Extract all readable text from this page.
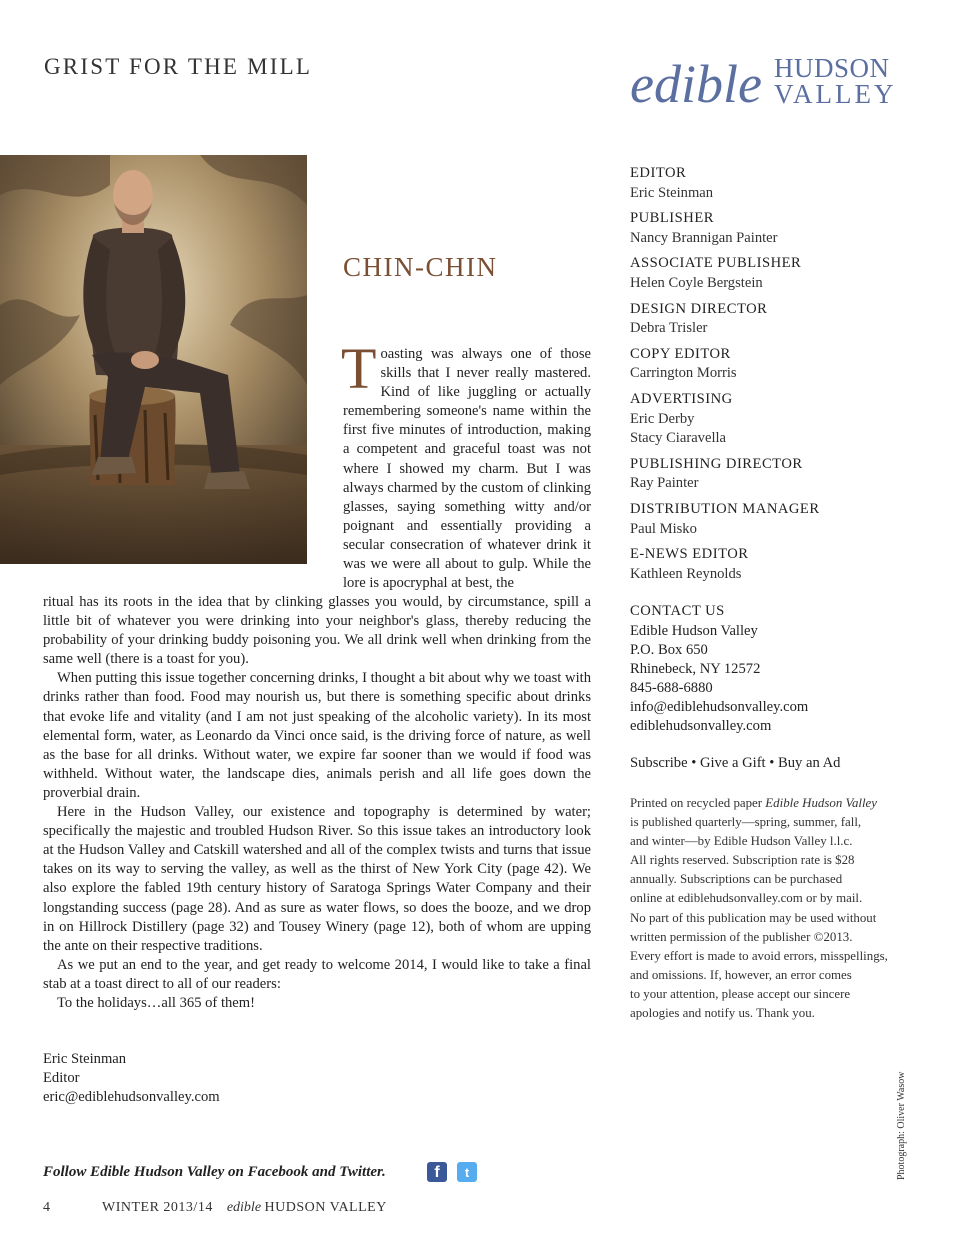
GRIST FOR THE MILL	edible HUDSON
VALLEY
CHIN-CHIN

Toasting was always one of those skills that I never really mastered. Kind of like juggling or actually remembering someone's name within the first five minutes of introduction, making a competent and graceful toast was not where I showed my charm. But I was always charmed by the custom of clinking glasses, saying something witty and/or poignant and essentially providing a secular consecration of whatever drink it was we were all about to gulp. While the lore is apocryphal at best, the

ritual has its roots in the idea that by clinking glasses you would, by circumstance, spill a little bit of whatever you were drinking into your neighbor's glass, thereby reducing the probability of your drinking buddy poisoning you. We all drink well when drinking from the same well (there is a toast for you).

When putting this issue together concerning drinks, I thought a bit about why we toast with drinks rather than food. Food may nourish us, but there is something specific about drinks that evoke life and vitality (and I am not just speaking of the alcoholic variety). In its most elemental form, water, as Leonardo da Vinci once said, is the driving force of nature, as well as the base for all drinks. Without water, we expire far sooner than we would if food was withheld. Without water, the landscape dies, animals perish and all life goes down the proverbial drain.

Here in the Hudson Valley, our existence and topography is determined by water; specifically the majestic and troubled Hudson River. So this issue takes an introductory look at the Hudson Valley and Catskill watershed and all of the complex twists and turns that issue takes on its way to serving the valley, as well as the thirst of New York City (page 42). We also explore the fabled 19th century history of Saratoga Springs Water Company and their longstanding success (page 28). And as sure as water flows, so does the booze, and we drop in on Hillrock Distillery (page 32) and Tousey Winery (page 12), both of whom are upping the ante on their respective traditions.

As we put an end to the year, and get ready to welcome 2014, I would like to take a final stab at a toast direct to all of our readers:

To the holidays…all 365 of them!

Eric Steinman
Editor
eric@ediblehudsonvalley.com
Follow Edible Hudson Valley on Facebook and Twitter.	f	t
4	WINTER 2013/14 edible HUDSON VALLEY
EDITOR
Eric Steinman
PUBLISHER
Nancy Brannigan Painter
ASSOCIATE PUBLISHER
Helen Coyle Bergstein
DESIGN DIRECTOR
Debra Trisler
COPY EDITOR
Carrington Morris
ADVERTISING
Eric Derby
Stacy Ciaravella
PUBLISHING DIRECTOR
Ray Painter
DISTRIBUTION MANAGER
Paul Misko
E-NEWS EDITOR
Kathleen Reynolds
CONTACT US
Edible Hudson Valley
P.O. Box 650
Rhinebeck, NY 12572
845-688-6880
info@ediblehudsonvalley.com
ediblehudsonvalley.com
Subscribe • Give a Gift • Buy an Ad
Printed on recycled paper Edible Hudson Valley
is published quarterly—spring, summer, fall,
and winter—by Edible Hudson Valley l.l.c.
All rights reserved. Subscription rate is $28
annually. Subscriptions can be purchased
online at ediblehudsonvalley.com or by mail.
No part of this publication may be used without
written permission of the publisher ©2013.
Every effort is made to avoid errors, misspellings,
and omissions. If, however, an error comes
to your attention, please accept our sincere
apologies and notify us. Thank you.
Photograph: Oliver Wasow
